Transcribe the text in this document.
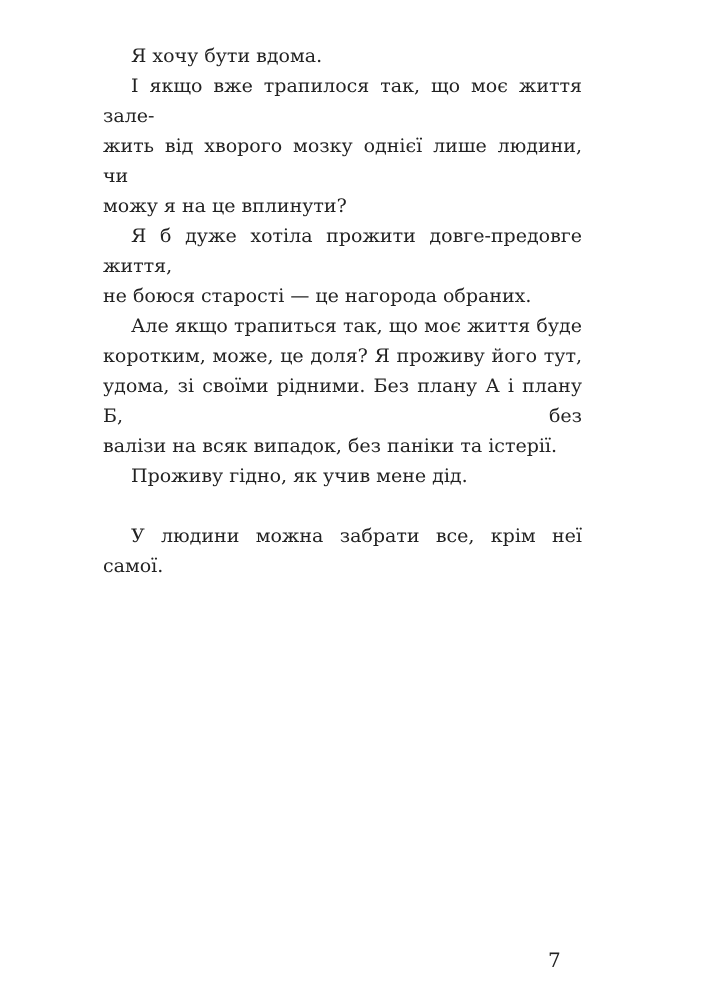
Я хочу бути вдома.

І якщо вже трапилося так, що моє життя зале-
жить від хворого мозку однієї лише людини, чи
можу я на це вплинути?

Я б дуже хотіла прожити довге-предовге життя,
не боюся старості — це нагорода обраних.

Але якщо трапиться так, що моє життя буде
коротким, може, це доля? Я проживу його тут,
удома, зі своїми рідними. Без плану А і плану Б, без
валізи на всяк випадок, без паніки та істерії.

Проживу гідно, як учив мене дід.

У людини можна забрати все, крім неї самої.

7
